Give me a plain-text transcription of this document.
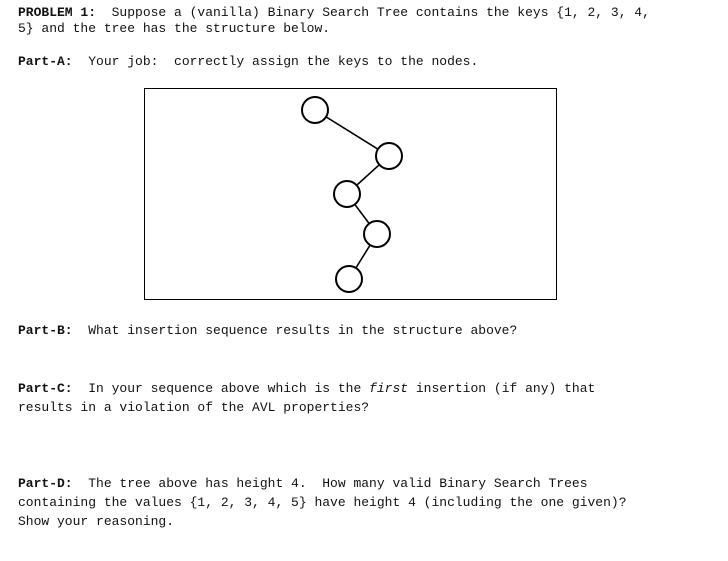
PROBLEM 1:  Suppose a (vanilla) Binary Search Tree contains the keys {1, 2, 3, 4,
5} and the tree has the structure below.
Part-A:  Your job:  correctly assign the keys to the nodes.
Part-B:  What insertion sequence results in the structure above?
Part-C:  In your sequence above which is the first insertion (if any) that
results in a violation of the AVL properties?
Part-D:  The tree above has height 4.  How many valid Binary Search Trees
containing the values {1, 2, 3, 4, 5} have height 4 (including the one given)?
Show your reasoning.
